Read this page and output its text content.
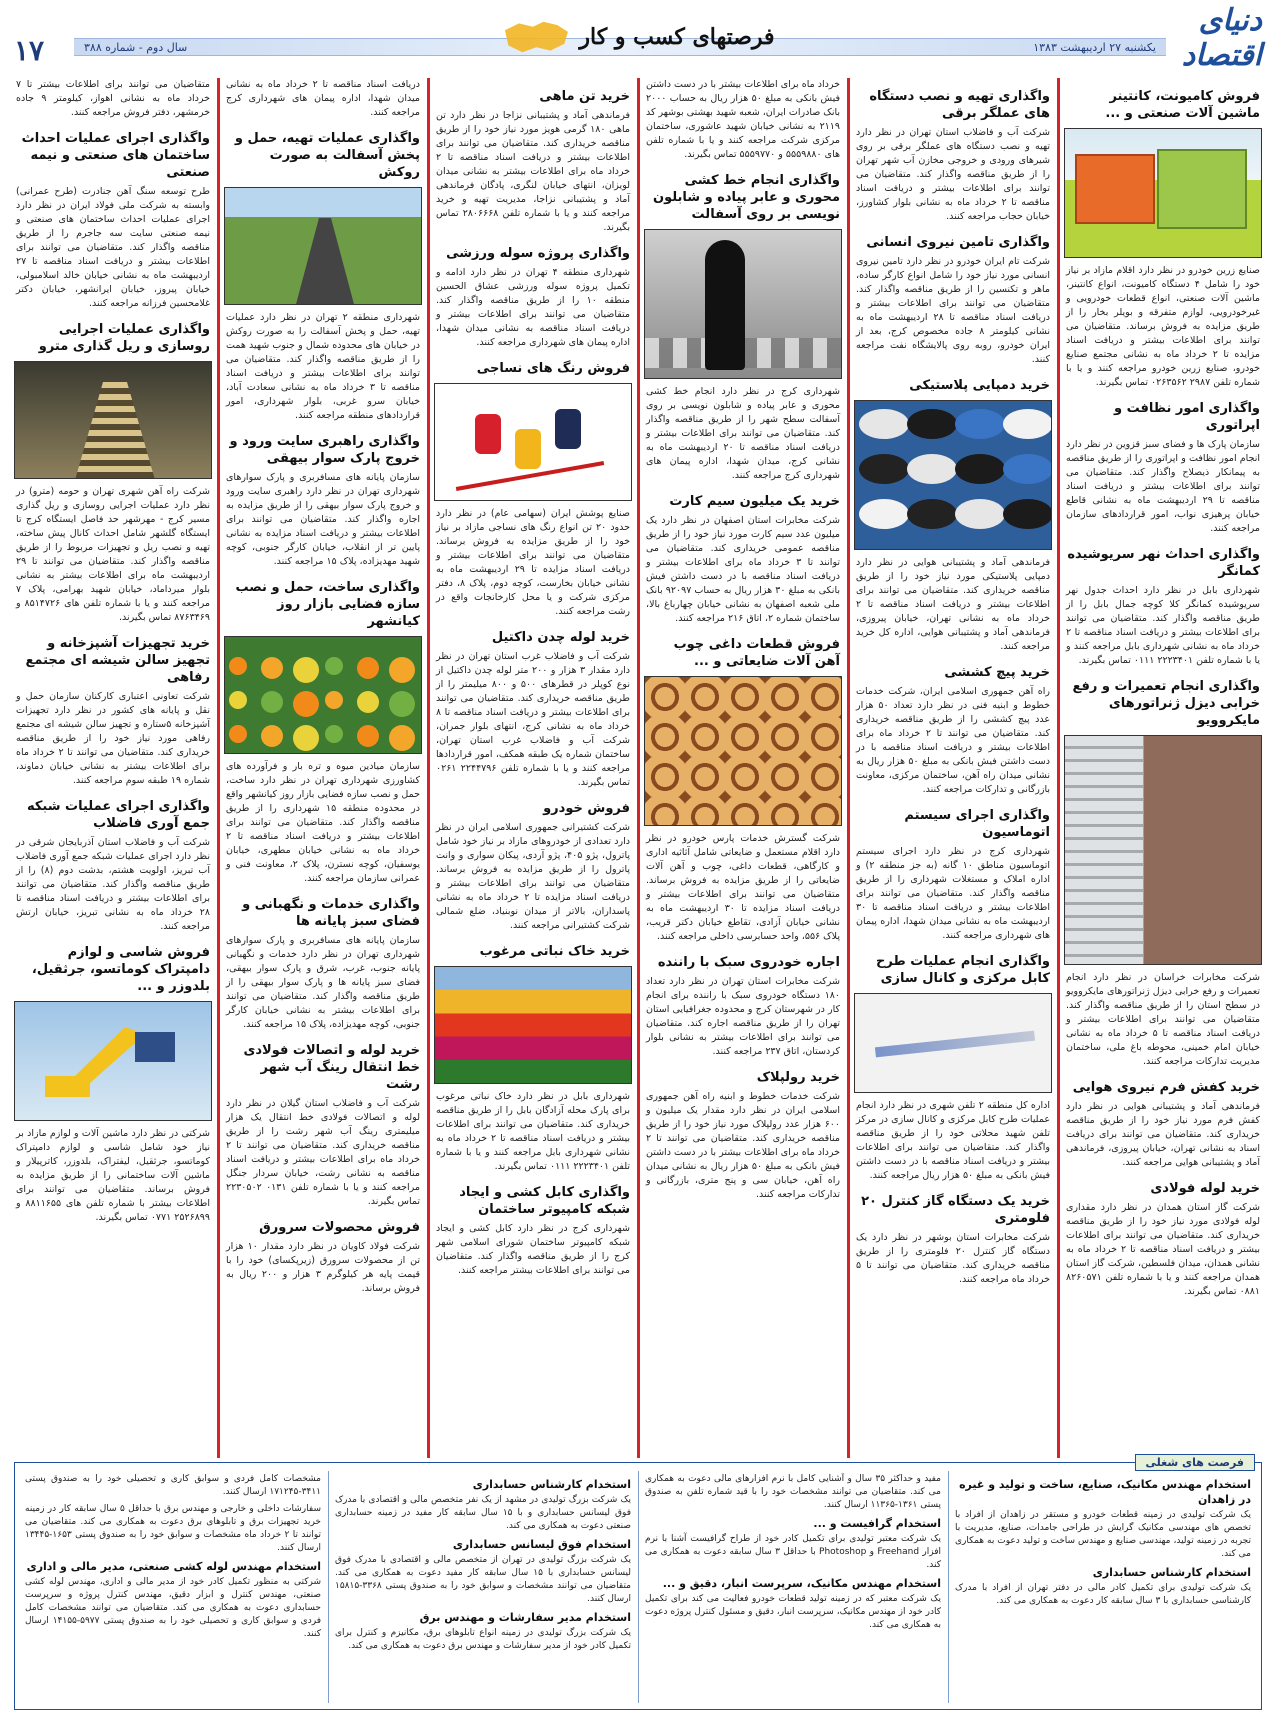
دنیای اقتصاد
یکشنبه ۲۷ اردیبهشت ۱۳۸۳
سال دوم - شماره ۳۸۸	فرصتهای کسب و کار
۱۷
فروش کامیونت، کانتینر ماشین آلات صنعتی و ...
صنایع زرین خودرو در نظر دارد اقلام مازاد بر نیاز خود را شامل ۴ دستگاه کامیونت، انواع کانتینر، ماشین آلات صنعتی، انواع قطعات خودرویی و غیرخودرویی، لوازم متفرقه و بویلر بخار را از طریق مزایده به فروش برساند. متقاضیان می توانند برای اطلاعات بیشتر و دریافت اسناد مزایده تا ۲ خرداد ماه به نشانی مجتمع صنایع خودرو، صنایع زرین خودرو مراجعه کنند و یا با شماره تلفن ۲۹۸۷ ۰۲۶۳۵۶۲ تماس بگیرند.
واگذاری امور نظافت و اپراتوری
سازمان پارک ها و فضای سبز قزوین در نظر دارد انجام امور نظافت و اپراتوری را از طریق مناقصه به پیمانکار ذیصلاح واگذار کند. متقاضیان می توانند برای اطلاعات بیشتر و دریافت اسناد مناقصه تا ۲۹ اردیبهشت ماه به نشانی قاطع خیابان پرهیزی نواب، امور قراردادهای سازمان مراجعه کنند.
واگذاری احداث نهر سریوشیده کمانگر
شهرداری بابل در نظر دارد احداث جدول نهر سریوشیده کمانگر کلا کوچه جمال بابل را از طریق مناقصه واگذار کند. متقاضیان می توانند برای اطلاعات بیشتر و دریافت اسناد مناقصه تا ۲ خرداد ماه به نشانی شهرداری بابل مراجعه کنند و یا با شماره تلفن ۲۲۲۳۴۰۱ ۰۱۱۱ تماس بگیرند.
واگذاری انجام تعمیرات و رفع خرابی دیزل ژنراتورهای مایکروویو
شرکت مخابرات خراسان در نظر دارد انجام تعمیرات و رفع خرابی دیزل ژنراتورهای مایکروویو در سطح استان را از طریق مناقصه واگذار کند. متقاضیان می توانند برای اطلاعات بیشتر و دریافت اسناد مناقصه تا ۵ خرداد ماه به نشانی خیابان امام خمینی، محوطه باغ ملی، ساختمان مدیریت تدارکات مراجعه کنند.
خرید کفش فرم نیروی هوایی
فرماندهی آماد و پشتیبانی هوایی در نظر دارد کفش فرم مورد نیاز خود را از طریق مناقصه خریداری کند. متقاضیان می توانند برای دریافت اسناد به نشانی تهران، خیابان پیروزی، فرماندهی آماد و پشتیبانی هوایی مراجعه کنند.
خرید لوله فولادی
شرکت گاز استان همدان در نظر دارد مقداری لوله فولادی مورد نیاز خود را از طریق مناقصه خریداری کند. متقاضیان می توانند برای اطلاعات بیشتر و دریافت اسناد مناقصه تا ۲ خرداد ماه به نشانی همدان، میدان فلسطین، شرکت گاز استان همدان مراجعه کنند و یا با شماره تلفن ۸۲۶۰۵۷۱ ۰۸۸۱ تماس بگیرند.
واگذاری تهیه و نصب دستگاه های عملگر برقی
شرکت آب و فاضلاب استان تهران در نظر دارد تهیه و نصب دستگاه های عملگر برقی بر روی شیرهای ورودی و خروجی مخازن آب شهر تهران را از طریق مناقصه واگذار کند. متقاضیان می توانند برای اطلاعات بیشتر و دریافت اسناد مناقصه تا ۲ خرداد ماه به نشانی بلوار کشاورز، خیابان حجاب مراجعه کنند.
واگذاری تامین نیروی انسانی
شرکت تام ایران خودرو در نظر دارد تامین نیروی انسانی مورد نیاز خود را شامل انواع کارگر ساده، ماهر و تکنسین را از طریق مناقصه واگذار کند. متقاضیان می توانند برای اطلاعات بیشتر و دریافت اسناد مناقصه تا ۲۸ اردیبهشت ماه به نشانی کیلومتر ۸ جاده مخصوص کرج، بعد از ایران خودرو، روبه روی پالایشگاه نفت مراجعه کنند.
خرید دمپایی پلاستیکی
فرماندهی آماد و پشتیبانی هوایی در نظر دارد دمپایی پلاستیکی مورد نیاز خود را از طریق مناقصه خریداری کند. متقاضیان می توانند برای اطلاعات بیشتر و دریافت اسناد مناقصه تا ۲ خرداد ماه به نشانی تهران، خیابان پیروزی، فرماندهی آماد و پشتیبانی هوایی، اداره کل خرید مراجعه کنند.
خرید پیچ کششی
راه آهن جمهوری اسلامی ایران، شرکت خدمات خطوط و ابنیه فنی در نظر دارد تعداد ۵۰ هزار عدد پیچ کششی را از طریق مناقصه خریداری کند. متقاضیان می توانند تا ۲ خرداد ماه برای اطلاعات بیشتر و دریافت اسناد مناقصه با در دست داشتن فیش بانکی به مبلغ ۵۰ هزار ریال به نشانی میدان راه آهن، ساختمان مرکزی، معاونت بازرگانی و تدارکات مراجعه کنند.
واگذاری اجرای سیستم اتوماسیون
شهرداری کرج در نظر دارد اجرای سیستم اتوماسیون مناطق ۱۰ گانه (به جز منطقه ۲) و اداره املاک و مستغلات شهرداری را از طریق مناقصه واگذار کند. متقاضیان می توانند برای اطلاعات بیشتر و دریافت اسناد مناقصه تا ۳۰ اردیبهشت ماه به نشانی میدان شهدا، اداره پیمان های شهرداری مراجعه کنند.
واگذاری انجام عملیات طرح کابل مرکزی و کانال سازی
اداره کل منطقه ۲ تلفن شهری در نظر دارد انجام عملیات طرح کابل مرکزی و کانال سازی در مرکز تلفن شهید محلاتی خود را از طریق مناقصه واگذار کند. متقاضیان می توانند برای اطلاعات بیشتر و دریافت اسناد مناقصه با در دست داشتن فیش بانکی به مبلغ ۵۰ هزار ریال مراجعه کنند.
خرید یک دستگاه گاز کنترل ۲۰ فلومتری
شرکت مخابرات استان بوشهر در نظر دارد یک دستگاه گاز کنترل ۲۰ فلومتری را از طریق مناقصه خریداری کند. متقاضیان می توانند تا ۵ خرداد ماه مراجعه کنند.
خرداد ماه برای اطلاعات بیشتر با در دست داشتن فیش بانکی به مبلغ ۵۰ هزار ریال به حساب ۲۰۰۰ بانک صادرات ایران، شعبه شهید بهشتی بوشهر کد ۲۱۱۹ به نشانی خیابان شهید عاشوری، ساختمان مرکزی شرکت مراجعه کنند و یا با شماره تلفن های ۵۵۵۹۸۸۰ و ۵۵۵۹۷۷۰ تماس بگیرند.
واگذاری انجام خط کشی محوری و عابر پیاده و شابلون نویسی بر روی آسفالت
شهرداری کرج در نظر دارد انجام خط کشی محوری و عابر پیاده و شابلون نویسی بر روی آسفالت سطح شهر را از طریق مناقصه واگذار کند. متقاضیان می توانند برای اطلاعات بیشتر و دریافت اسناد مناقصه تا ۲۰ اردیبهشت ماه به نشانی کرج، میدان شهدا، اداره پیمان های شهرداری کرج مراجعه کنند.
خرید یک میلیون سیم کارت
شرکت مخابرات استان اصفهان در نظر دارد یک میلیون عدد سیم کارت مورد نیاز خود را از طریق مناقصه عمومی خریداری کند. متقاضیان می توانند تا ۳ خرداد ماه برای اطلاعات بیشتر و دریافت اسناد مناقصه با در دست داشتن فیش بانکی به مبلغ ۳۰ هزار ریال به حساب ۹۲۰۹۷ بانک ملی شعبه اصفهان به نشانی خیابان چهارباغ بالا، ساختمان شماره ۲، اتاق ۲۱۶ مراجعه کنند.
فروش قطعات داغی چوب آهن آلات ضایعاتی و ...
شرکت گسترش خدمات پارس خودرو در نظر دارد اقلام مستعمل و ضایعاتی شامل آثاثیه اداری و کارگاهی، قطعات داغی، چوب و آهن آلات ضایعاتی را از طریق مزایده به فروش برساند. متقاضیان می توانند برای اطلاعات بیشتر و دریافت اسناد مزایده تا ۳۰ اردیبهشت ماه به نشانی خیابان آزادی، تقاطع خیابان دکتر قریب، پلاک ۵۵۶، واحد حسابرسی داخلی مراجعه کنند.
اجاره خودروی سبک با راننده
شرکت مخابرات استان تهران در نظر دارد تعداد ۱۸۰ دستگاه خودروی سبک با راننده برای انجام کار در شهرستان کرج و محدوده جغرافیایی استان تهران را از طریق مناقصه اجاره کند. متقاضیان می توانند برای اطلاعات بیشتر به نشانی بلوار کردستان، اتاق ۲۳۷ مراجعه کنند.
خرید رولپلاک
شرکت خدمات خطوط و ابنیه راه آهن جمهوری اسلامی ایران در نظر دارد مقدار یک میلیون و ۶۰۰ هزار عدد رولپلاک مورد نیاز خود را از طریق مناقصه خریداری کند. متقاضیان می توانند تا ۲ خرداد ماه برای اطلاعات بیشتر با در دست داشتن فیش بانکی به مبلغ ۵۰ هزار ریال به نشانی میدان راه آهن، خیابان سی و پنج متری، بازرگانی و تدارکات مراجعه کنند.
خرید تن ماهی
فرماندهی آماد و پشتیبانی نزاجا در نظر دارد تن ماهی ۱۸۰ گرمی هویز مورد نیاز خود را از طریق مناقصه خریداری کند. متقاضیان می توانند برای اطلاعات بیشتر و دریافت اسناد مناقصه تا ۲ خرداد ماه برای اطلاعات بیشتر به نشانی میدان لویزان، انتهای خیابان لنگری، پادگان فرماندهی آماد و پشتیبانی نزاجا، مدیریت تهیه و خرید مراجعه کنند و یا با شماره تلفن ۲۸۰۶۶۶۸ تماس بگیرند.
واگذاری پروژه سوله ورزشی
شهرداری منطقه ۴ تهران در نظر دارد ادامه و تکمیل پروژه سوله ورزشی عشاق الحسین منطقه ۱۰ را از طریق مناقصه واگذار کند. متقاضیان می توانند برای اطلاعات بیشتر و دریافت اسناد مناقصه به نشانی میدان شهدا، اداره پیمان های شهرداری مراجعه کنند.
فروش رنگ های نساجی
صنایع پوشش ایران (سهامی عام) در نظر دارد حدود ۲۰ تن انواع رنگ های نساجی مازاد بر نیاز خود را از طریق مزایده به فروش برساند. متقاضیان می توانند برای اطلاعات بیشتر و دریافت اسناد مزایده تا ۲۹ اردیبهشت ماه به نشانی خیابان بخارست، کوچه دوم، پلاک ۸، دفتر مرکزی شرکت و یا محل کارخانجات واقع در رشت مراجعه کنند.
خرید لوله چدن داکتیل
شرکت آب و فاضلاب غرب استان تهران در نظر دارد مقدار ۳ هزار و ۲۰۰ متر لوله چدن داکتیل از نوع کوپلر در قطرهای ۵۰۰ و ۸۰۰ میلیمتر را از طریق مناقصه خریداری کند. متقاضیان می توانند برای اطلاعات بیشتر و دریافت اسناد مناقصه تا ۸ خرداد ماه به نشانی کرج، انتهای بلوار جمران، شرکت آب و فاضلاب غرب استان تهران، ساختمان شماره یک طبقه همکف، امور قراردادها مراجعه کنند و یا با شماره تلفن ۲۲۴۴۷۹۶ ۰۲۶۱ تماس بگیرند.
فروش خودرو
شرکت کشتیرانی جمهوری اسلامی ایران در نظر دارد تعدادی از خودروهای مازاد بر نیاز خود شامل پاترول، پژو ۴۰۵، پژو آردی، پیکان سواری و وانت پاترول را از طریق مزایده به فروش برساند. متقاضیان می توانند برای اطلاعات بیشتر و دریافت اسناد مزایده تا ۲ خرداد ماه به نشانی پاسداران، بالاتر از میدان نوبنیاد، ضلع شمالی شرکت کشتیرانی مراجعه کنند.
خرید خاک نباتی مرغوب
شهرداری بابل در نظر دارد خاک نباتی مرغوب برای پارک محله آزادگان بابل را از طریق مناقصه خریداری کند. متقاضیان می توانند برای اطلاعات بیشتر و دریافت اسناد مناقصه تا ۲ خرداد ماه به نشانی شهرداری بابل مراجعه کنند و یا با شماره تلفن ۲۲۲۳۴۰۱ ۰۱۱۱ تماس بگیرند.
واگذاری کابل کشی و ایجاد شبکه کامپیوتر ساختمان
شهرداری کرج در نظر دارد کابل کشی و ایجاد شبکه کامپیوتر ساختمان شورای اسلامی شهر کرج را از طریق مناقصه واگذار کند. متقاضیان می توانند برای اطلاعات بیشتر مراجعه کنند.
دریافت اسناد مناقصه تا ۲ خرداد ماه به نشانی میدان شهدا، اداره پیمان های شهرداری کرج مراجعه کنند.
واگذاری عملیات تهیه، حمل و پخش آسفالت به صورت روکش
شهرداری منطقه ۲ تهران در نظر دارد عملیات تهیه، حمل و پخش آسفالت را به صورت روکش در خیابان های محدوده شمال و جنوب شهید همت را از طریق مناقصه واگذار کند. متقاضیان می توانند برای اطلاعات بیشتر و دریافت اسناد مناقصه تا ۳ خرداد ماه به نشانی سعادت آباد، خیابان سرو غربی، بلوار شهرداری، امور قراردادهای منطقه مراجعه کنند.
واگذاری راهبری سایت ورود و خروج پارک سوار بیهقی
سازمان پایانه های مسافربری و پارک سوارهای شهرداری تهران در نظر دارد راهبری سایت ورود و خروج پارک سوار بیهقی را از طریق مزایده به اجاره واگذار کند. متقاضیان می توانند برای اطلاعات بیشتر و دریافت اسناد مزایده به نشانی پایین تر از انقلاب، خیابان کارگر جنوبی، کوچه شهید مهدیزاده، پلاک ۱۵ مراجعه کنند.
واگذاری ساخت، حمل و نصب سازه فضایی بازار روز کیانشهر
سازمان میادین میوه و تره بار و فرآورده های کشاورزی شهرداری تهران در نظر دارد ساخت، حمل و نصب سازه فضایی بازار روز کیانشهر واقع در محدوده منطقه ۱۵ شهرداری را از طریق مناقصه واگذار کند. متقاضیان می توانند برای اطلاعات بیشتر و دریافت اسناد مناقصه تا ۲ خرداد ماه به نشانی خیابان مطهری، خیابان یوسفیان، کوچه نسترن، پلاک ۲، معاونت فنی و عمرانی سازمان مراجعه کنند.
واگذاری خدمات و نگهبانی و فضای سبز پایانه ها
سازمان پایانه های مسافربری و پارک سوارهای شهرداری تهران در نظر دارد خدمات و نگهبانی پایانه جنوب، غرب، شرق و پارک سوار بیهقی، فضای سبز پایانه ها و پارک سوار بیهقی را از طریق مناقصه واگذار کند. متقاضیان می توانند برای اطلاعات بیشتر به نشانی خیابان کارگر جنوبی، کوچه مهدیزاده، پلاک ۱۵ مراجعه کنند.
خرید لوله و اتصالات فولادی خط انتقال رینگ آب شهر رشت
شرکت آب و فاضلاب استان گیلان در نظر دارد لوله و اتصالات فولادی خط انتقال یک هزار میلیمتری رینگ آب شهر رشت را از طریق مناقصه خریداری کند. متقاضیان می توانند تا ۲ خرداد ماه برای اطلاعات بیشتر و دریافت اسناد مناقصه به نشانی رشت، خیابان سردار جنگل مراجعه کنند و یا با شماره تلفن ۰۱۳۱ ۲۲۳۰۵۰۲ تماس بگیرند.
فروش محصولات سرورق
شرکت فولاد کاویان در نظر دارد مقدار ۱۰ هزار تن از محصولات سرورق (زیرپکسای) خود را با قیمت پایه هر کیلوگرم ۳ هزار و ۲۰۰ ریال به فروش برساند.
متقاضیان می توانند برای اطلاعات بیشتر تا ۷ خرداد ماه به نشانی اهواز، کیلومتر ۹ جاده خرمشهر، دفتر فروش مراجعه کنند.
واگذاری اجرای عملیات احداث ساختمان های صنعتی و نیمه صنعتی
طرح توسعه سنگ آهن جنادرت (طرح عمرانی) وابسته به شرکت ملی فولاد ایران در نظر دارد اجرای عملیات احداث ساختمان های صنعتی و نیمه صنعتی سایت سه جاجرم را از طریق مناقصه واگذار کند. متقاضیان می توانند برای اطلاعات بیشتر و دریافت اسناد مناقصه تا ۲۷ اردیبهشت ماه به نشانی خیابان خالد اسلامبولی، خیابان پیروز، خیابان ایرانشهر، خیابان دکتر غلامحسین فرزانه مراجعه کنند.
واگذاری عملیات اجرایی روسازی و ریل گذاری مترو
شرکت راه آهن شهری تهران و حومه (مترو) در نظر دارد عملیات اجرایی روسازی و ریل گذاری مسیر کرج - مهرشهر حد فاصل ایستگاه کرج تا ایستگاه گلشهر شامل احداث کانال پیش ساخته، تهیه و نصب ریل و تجهیزات مربوط را از طریق مناقصه واگذار کند. متقاضیان می توانند تا ۲۹ اردیبهشت ماه برای اطلاعات بیشتر به نشانی بلوار میرداماد، خیابان شهید بهرامی، پلاک ۷ مراجعه کنند و یا با شماره تلفن های ۸۵۱۴۷۲۶ و ۸۷۶۳۴۶۹ تماس بگیرند.
خرید تجهیزات آشپزخانه و تجهیز سالن شیشه ای مجتمع رفاهی
شرکت تعاونی اعتباری کارکنان سازمان حمل و نقل و پایانه های کشور در نظر دارد تجهیزات آشپزخانه ۵ستاره و تجهیز سالن شیشه ای مجتمع رفاهی مورد نیاز خود را از طریق مناقصه خریداری کند. متقاضیان می توانند تا ۲ خرداد ماه برای اطلاعات بیشتر به نشانی خیابان دماوند، شماره ۱۹ طبقه سوم مراجعه کنند.
واگذاری اجرای عملیات شبکه جمع آوری فاضلاب
شرکت آب و فاضلاب استان آذربایجان شرقی در نظر دارد اجرای عملیات شبکه جمع آوری فاضلاب آب تبریز، اولویت هشتم، بدشت دوم (۸) را از طریق مناقصه واگذار کند. متقاضیان می توانند برای اطلاعات بیشتر و دریافت اسناد مناقصه تا ۲۸ خرداد ماه به نشانی تبریز، خیابان ارتش مراجعه کنند.
فروش شاسی و لوازم دامپتراک کوماتسو، جرثقیل، بلدوزر و ...
شرکتی در نظر دارد ماشین آلات و لوازم مازاد بر نیاز خود شامل شاسی و لوازم دامپتراک کوماتسو، جرثقیل، لیفتراک، بلدوزر، کاترپیلار و ماشین آلات ساختمانی را از طریق مزایده به فروش برساند. متقاضیان می توانند برای اطلاعات بیشتر با شماره تلفن های ۸۸۱۱۶۵۵ و ۲۵۲۶۸۹۹ ۰۷۷۱ تماس بگیرند.
فرصت های شغلی
استخدام مهندس مکانیک، صنایع، ساخت و تولید و غیره در زاهدان
یک شرکت تولیدی در زمینه قطعات خودرو و مستقر در زاهدان از افراد با تخصص های مهندسی مکانیک گرایش در طراحی جامدات، صنایع، مدیریت با تجربه در زمینه تولید، مهندسی صنایع و مهندس ساخت و تولید دعوت به همکاری می کند.
استخدام کارشناس حسابداری
یک شرکت تولیدی برای تکمیل کادر مالی در دفتر تهران از افراد با مدرک کارشناسی حسابداری با ۳ سال سابقه کار دعوت به همکاری می کند.
مفید و حداکثر ۳۵ سال و آشنایی کامل با نرم افزارهای مالی دعوت به همکاری می کند. متقاضیان می توانند مشخصات خود را با قید شماره تلفن به صندوق پستی ۱۳۶۱-۱۱۳۶۵ ارسال کنند.
استخدام گرافیست و ...
یک شرکت معتبر تولیدی برای تکمیل کادر خود از طراح گرافیست آشنا با نرم افزار Freehand و Photoshop با حداقل ۳ سال سابقه دعوت به همکاری می کند.
استخدام مهندس مکانیک، سرپرست انبار، دقیق و ...
یک شرکت معتبر که در زمینه تولید قطعات خودرو فعالیت می کند برای تکمیل کادر خود از مهندس مکانیک، سرپرست انبار، دقیق و مسئول کنترل پروژه دعوت به همکاری می کند.
استخدام کارشناس حسابداری
یک شرکت بزرگ تولیدی در مشهد از یک نفر متخصص مالی و اقتصادی با مدرک فوق لیسانس حسابداری و با ۱۵ سال سابقه کار مفید در زمینه حسابداری صنعتی دعوت به همکاری می کند.
استخدام فوق لیسانس حسابداری
یک شرکت بزرگ تولیدی در تهران از متخصص مالی و اقتصادی با مدرک فوق لیسانس حسابداری با ۱۵ سال سابقه کار مفید دعوت به همکاری می کند. متقاضیان می توانند مشخصات و سوابق خود را به صندوق پستی ۳۳۶۸-۱۵۸۱۵ ارسال کنند.
استخدام مدیر سفارشات و مهندس برق
یک شرکت بزرگ تولیدی در زمینه انواع تابلوهای برق، مکانیزم و کنترل برای تکمیل کادر خود از مدیر سفارشات و مهندس برق دعوت به همکاری می کند.
مشخصات کامل فردی و سوابق کاری و تحصیلی خود را به صندوق پستی ۳۴۱۱-۱۷۱۲۴۵ ارسال کنند.
سفارشات داخلی و خارجی و مهندس برق با حداقل ۵ سال سابقه کار در زمینه خرید تجهیزات برق و تابلوهای برق دعوت به همکاری می کند. متقاضیان می توانند تا ۲ خرداد ماه مشخصات و سوابق خود را به صندوق پستی ۱۶۵۳-۱۳۴۴۵ ارسال کنند.
استخدام مهندس لوله کشی صنعتی، مدیر مالی و اداری
شرکتی به منظور تکمیل کادر خود از مدیر مالی و اداری، مهندس لوله کشی صنعتی، مهندس کنترل و ابزار دقیق، مهندس کنترل پروژه و سرپرست حسابداری دعوت به همکاری می کند. متقاضیان می توانند مشخصات کامل فردی و سوابق کاری و تحصیلی خود را به صندوق پستی ۵۹۷۷-۱۴۱۵۵ ارسال کنند.
